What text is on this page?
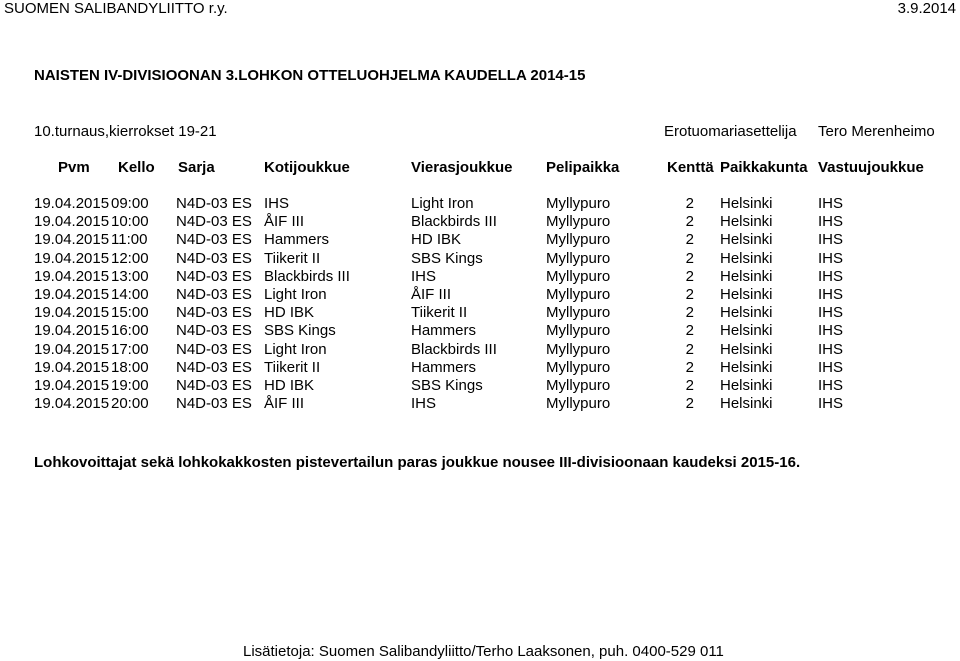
SUOMEN SALIBANDYLIITTO r.y.	3.9.2014
NAISTEN IV-DIVISIOONAN 3.LOHKON OTTELUOHJELMA KAUDELLA 2014-15
10.turnaus,kierrokset 19-21	Erotuomariasettelija Tero Merenheimo
Pvm Kello Sarja	Kotijoukkue	Vierasjoukkue Pelipaikka	Kenttä Paikkakunta Vastuujoukkue
19.04.2015 09:00 N4D-03 ES IHS	Light Iron	Myllypuro	2 Helsinki	IHS
19.04.2015 10:00 N4D-03 ES ÅIF III	Blackbirds III	Myllypuro	2 Helsinki	IHS
19.04.2015 11:00 N4D-03 ES Hammers	HD IBK	Myllypuro	2 Helsinki	IHS
19.04.2015 12:00 N4D-03 ES Tiikerit II	SBS Kings	Myllypuro	2 Helsinki	IHS
19.04.2015 13:00 N4D-03 ES Blackbirds III	IHS	Myllypuro	2 Helsinki	IHS
19.04.2015 14:00 N4D-03 ES Light Iron	ÅIF III	Myllypuro	2 Helsinki	IHS
19.04.2015 15:00 N4D-03 ES HD IBK	Tiikerit II	Myllypuro	2 Helsinki	IHS
19.04.2015 16:00 N4D-03 ES SBS Kings	Hammers	Myllypuro	2 Helsinki	IHS
19.04.2015 17:00 N4D-03 ES Light Iron	Blackbirds III	Myllypuro	2 Helsinki	IHS
19.04.2015 18:00 N4D-03 ES Tiikerit II	Hammers	Myllypuro	2 Helsinki	IHS
19.04.2015 19:00 N4D-03 ES HD IBK	SBS Kings	Myllypuro	2 Helsinki	IHS
19.04.2015 20:00 N4D-03 ES ÅIF III	IHS	Myllypuro	2 Helsinki	IHS
Lohkovoittajat sekä lohkokakkosten pistevertailun paras joukkue nousee III-divisioonaan kaudeksi 2015-16.
Lisätietoja: Suomen Salibandyliitto/Terho Laaksonen, puh. 0400-529 011
